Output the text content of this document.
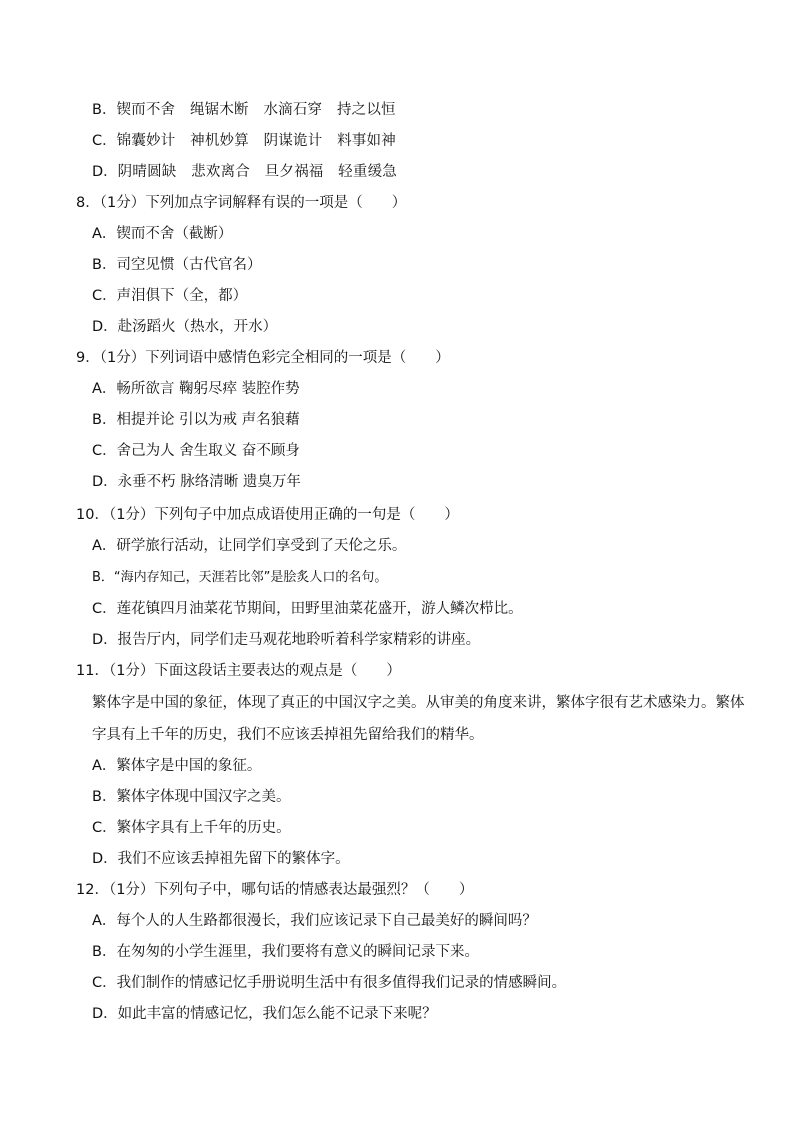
B．锲而不舍　绳锯木断　水滴石穿　持之以恒
C．锦囊妙计　神机妙算　阴谋诡计　料事如神
D．阴晴圆缺　悲欢离合　旦夕祸福　轻重缓急
8．（1分）下列加点字词解释有误的一项是（　　）
A．锲而不舍（截断）
B．司空见惯（古代官名）
C．声泪俱下（全，都）
D．赴汤蹈火（热水，开水）
9．（1分）下列词语中感情色彩完全相同的一项是（　　）
A．畅所欲言 鞠躬尽瘁 装腔作势
B．相提并论 引以为戒 声名狼藉
C．舍己为人 舍生取义 奋不顾身
D．永垂不朽 脉络清晰 遗臭万年
10．（1分）下列句子中加点成语使用正确的一句是（　　）
A．研学旅行活动，让同学们享受到了天伦之乐。
B．“海内存知己，天涯若比邻”是脍炙人口的名句。
C．莲花镇四月油菜花节期间，田野里油菜花盛开，游人鳞次栉比。
D．报告厅内，同学们走马观花地聆听着科学家精彩的讲座。
11．（1分）下面这段话主要表达的观点是（　　）
繁体字是中国的象征，体现了真正的中国汉字之美。从审美的角度来讲，繁体字很有艺术感染力。繁体
字具有上千年的历史，我们不应该丢掉祖先留给我们的精华。
A．繁体字是中国的象征。
B．繁体字体现中国汉字之美。
C．繁体字具有上千年的历史。
D．我们不应该丢掉祖先留下的繁体字。
12．（1分）下列句子中，哪句话的情感表达最强烈？（　　）
A．每个人的人生路都很漫长，我们应该记录下自己最美好的瞬间吗？
B．在匆匆的小学生涯里，我们要将有意义的瞬间记录下来。
C．我们制作的情感记忆手册说明生活中有很多值得我们记录的情感瞬间。
D．如此丰富的情感记忆，我们怎么能不记录下来呢？
